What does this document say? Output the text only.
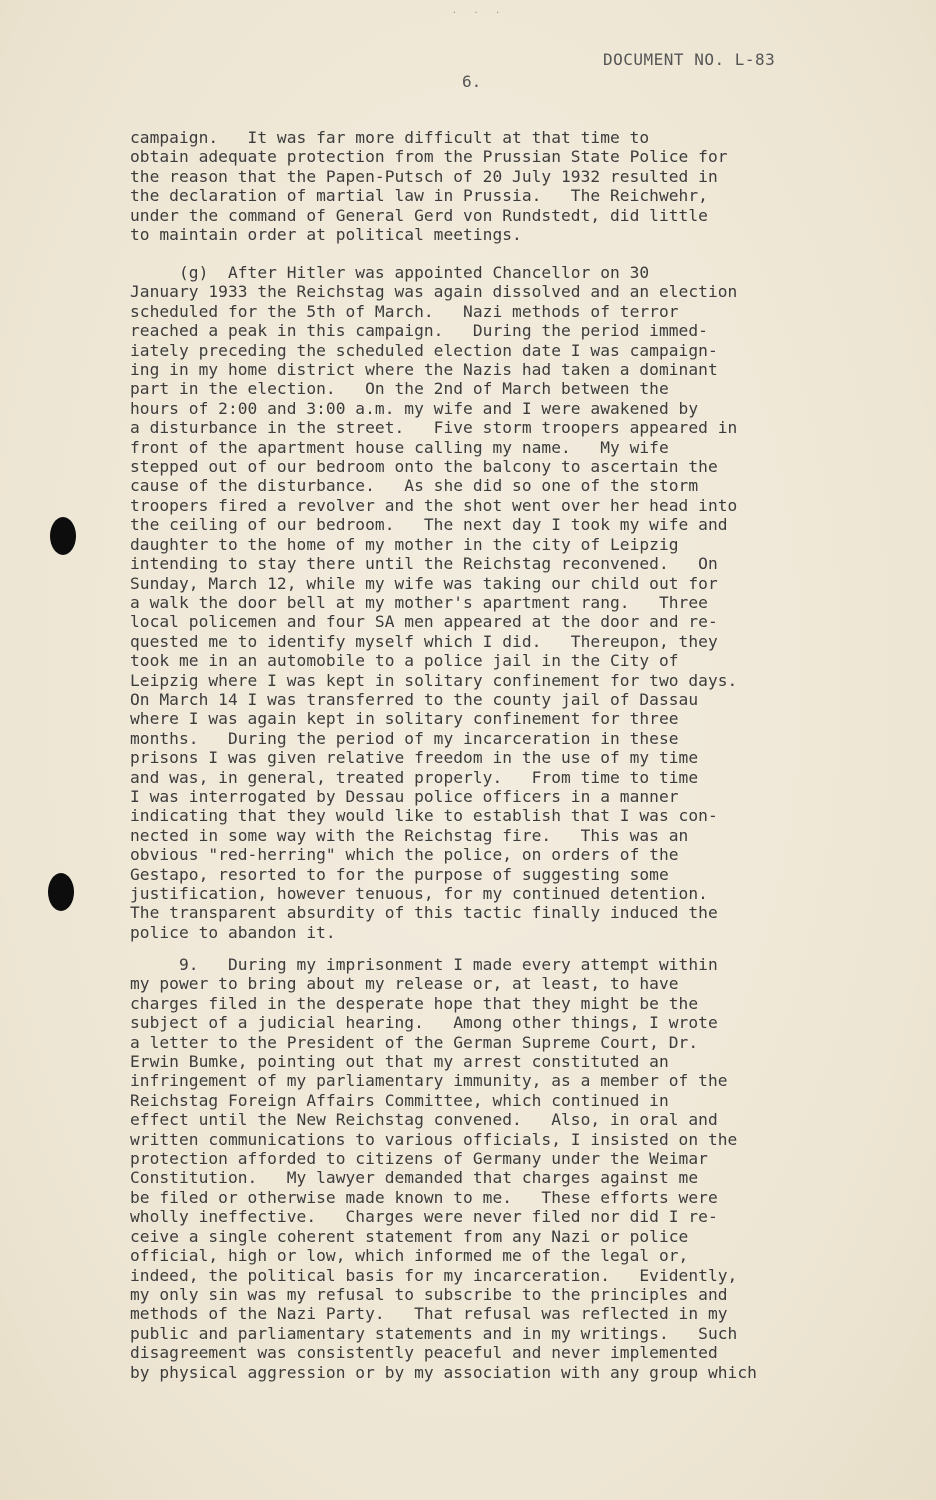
· · ·
DOCUMENT NO. L-83
6.
campaign.   It was far more difficult at that time to
obtain adequate protection from the Prussian State Police for
the reason that the Papen-Putsch of 20 July 1932 resulted in
the declaration of martial law in Prussia.   The Reichwehr,
under the command of General Gerd von Rundstedt, did little
to maintain order at political meetings.
(g)  After Hitler was appointed Chancellor on 30
January 1933 the Reichstag was again dissolved and an election
scheduled for the 5th of March.   Nazi methods of terror
reached a peak in this campaign.   During the period immed-
iately preceding the scheduled election date I was campaign-
ing in my home district where the Nazis had taken a dominant
part in the election.   On the 2nd of March between the
hours of 2:00 and 3:00 a.m. my wife and I were awakened by
a disturbance in the street.   Five storm troopers appeared in
front of the apartment house calling my name.   My wife
stepped out of our bedroom onto the balcony to ascertain the
cause of the disturbance.   As she did so one of the storm
troopers fired a revolver and the shot went over her head into
the ceiling of our bedroom.   The next day I took my wife and
daughter to the home of my mother in the city of Leipzig
intending to stay there until the Reichstag reconvened.   On
Sunday, March 12, while my wife was taking our child out for
a walk the door bell at my mother's apartment rang.   Three
local policemen and four SA men appeared at the door and re-
quested me to identify myself which I did.   Thereupon, they
took me in an automobile to a police jail in the City of
Leipzig where I was kept in solitary confinement for two days.
On March 14 I was transferred to the county jail of Dassau
where I was again kept in solitary confinement for three
months.   During the period of my incarceration in these
prisons I was given relative freedom in the use of my time
and was, in general, treated properly.   From time to time
I was interrogated by Dessau police officers in a manner
indicating that they would like to establish that I was con-
nected in some way with the Reichstag fire.   This was an
obvious "red-herring" which the police, on orders of the
Gestapo, resorted to for the purpose of suggesting some
justification, however tenuous, for my continued detention.
The transparent absurdity of this tactic finally induced the
police to abandon it.
9.   During my imprisonment I made every attempt within
my power to bring about my release or, at least, to have
charges filed in the desperate hope that they might be the
subject of a judicial hearing.   Among other things, I wrote
a letter to the President of the German Supreme Court, Dr.
Erwin Bumke, pointing out that my arrest constituted an
infringement of my parliamentary immunity, as a member of the
Reichstag Foreign Affairs Committee, which continued in
effect until the New Reichstag convened.   Also, in oral and
written communications to various officials, I insisted on the
protection afforded to citizens of Germany under the Weimar
Constitution.   My lawyer demanded that charges against me
be filed or otherwise made known to me.   These efforts were
wholly ineffective.   Charges were never filed nor did I re-
ceive a single coherent statement from any Nazi or police
official, high or low, which informed me of the legal or,
indeed, the political basis for my incarceration.   Evidently,
my only sin was my refusal to subscribe to the principles and
methods of the Nazi Party.   That refusal was reflected in my
public and parliamentary statements and in my writings.   Such
disagreement was consistently peaceful and never implemented
by physical aggression or by my association with any group which
